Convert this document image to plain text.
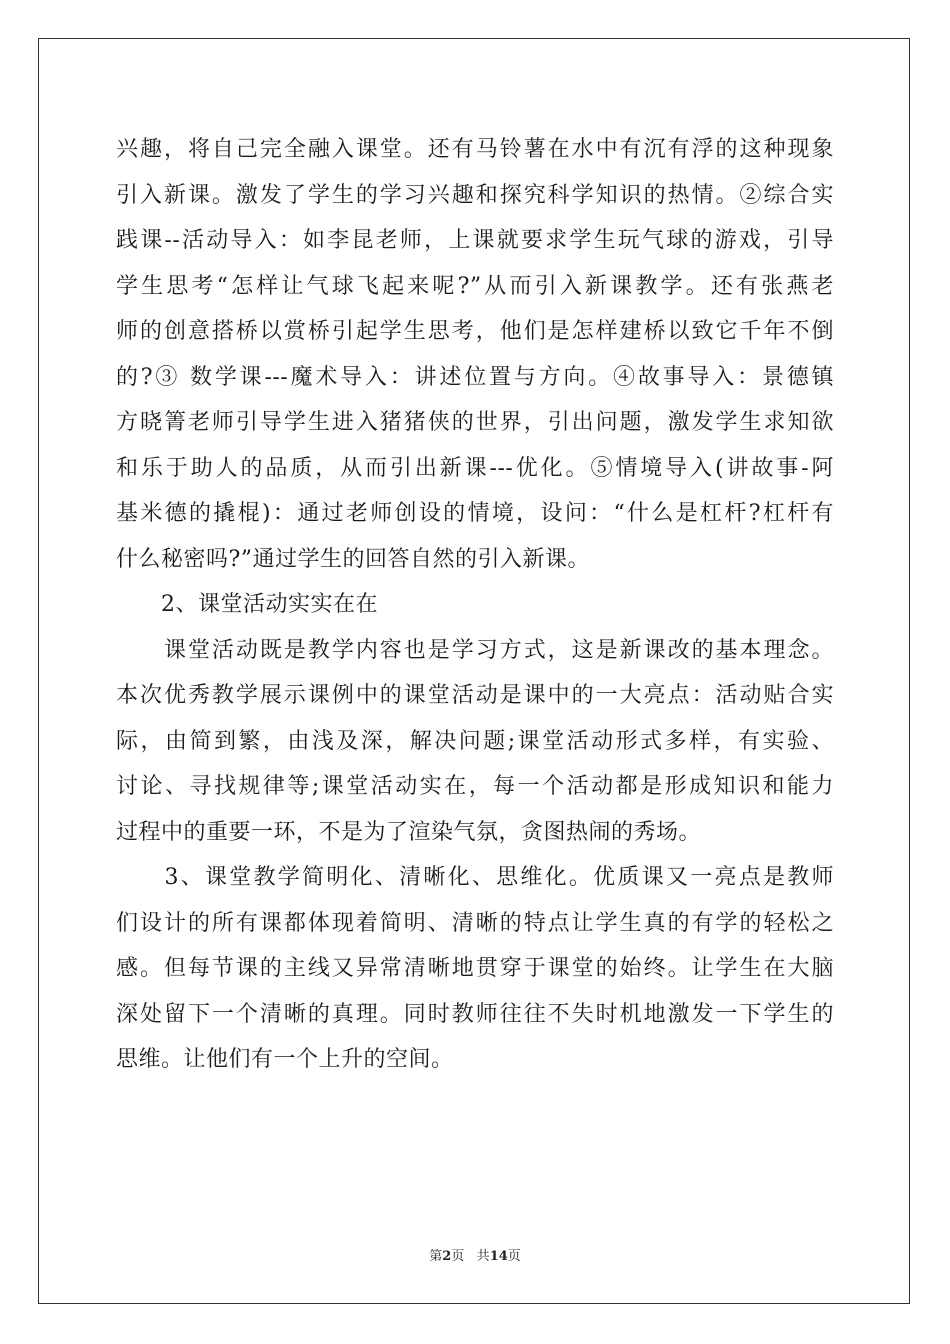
兴趣，将自己完全融入课堂。还有马铃薯在水中有沉有浮的这种现象
引入新课。激发了学生的学习兴趣和探究科学知识的热情。②综合实
践课--活动导入：如李昆老师，上课就要求学生玩气球的游戏，引导
学生思考“怎样让气球飞起来呢?”从而引入新课教学。还有张燕老
师的创意搭桥以赏桥引起学生思考，他们是怎样建桥以致它千年不倒
的?③ 数学课---魔术导入：讲述位置与方向。④故事导入：景德镇
方晓箐老师引导学生进入猪猪侠的世界，引出问题，激发学生求知欲
和乐于助人的品质，从而引出新课---优化。⑤情境导入(讲故事-阿
基米德的撬棍)：通过老师创设的情境，设问：“什么是杠杆?杠杆有
什么秘密吗?”通过学生的回答自然的引入新课。
　　2、课堂活动实实在在
　　课堂活动既是教学内容也是学习方式，这是新课改的基本理念。
本次优秀教学展示课例中的课堂活动是课中的一大亮点：活动贴合实
际，由简到繁，由浅及深，解决问题;课堂活动形式多样，有实验、
讨论、寻找规律等;课堂活动实在，每一个活动都是形成知识和能力
过程中的重要一环，不是为了渲染气氛，贪图热闹的秀场。
　　3、课堂教学简明化、清晰化、思维化。优质课又一亮点是教师
们设计的所有课都体现着简明、清晰的特点让学生真的有学的轻松之
感。但每节课的主线又异常清晰地贯穿于课堂的始终。让学生在大脑
深处留下一个清晰的真理。同时教师往往不失时机地激发一下学生的
思维。让他们有一个上升的空间。
第2页 共14页
